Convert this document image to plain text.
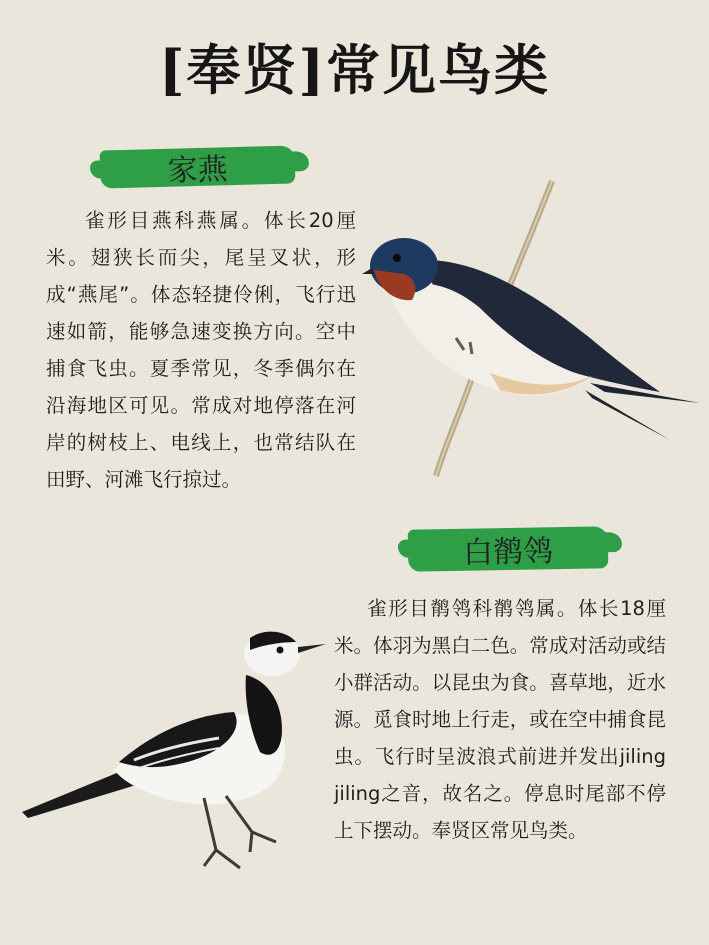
[奉贤]常见鸟类
家燕
雀形目燕科燕属。体长20厘米。翅狭长而尖，尾呈叉状，形成“燕尾”。体态轻捷伶俐，飞行迅速如箭，能够急速变换方向。空中捕食飞虫。夏季常见，冬季偶尔在沿海地区可见。常成对地停落在河岸的树枝上、电线上，也常结队在田野、河滩飞行掠过。
白鹡鸰
雀形目鹡鸰科鹡鸰属。体长18厘米。体羽为黑白二色。常成对活动或结小群活动。以昆虫为食。喜草地，近水源。觅食时地上行走，或在空中捕食昆虫。飞行时呈波浪式前进并发出jiling jiling之音，故名之。停息时尾部不停上下摆动。奉贤区常见鸟类。
